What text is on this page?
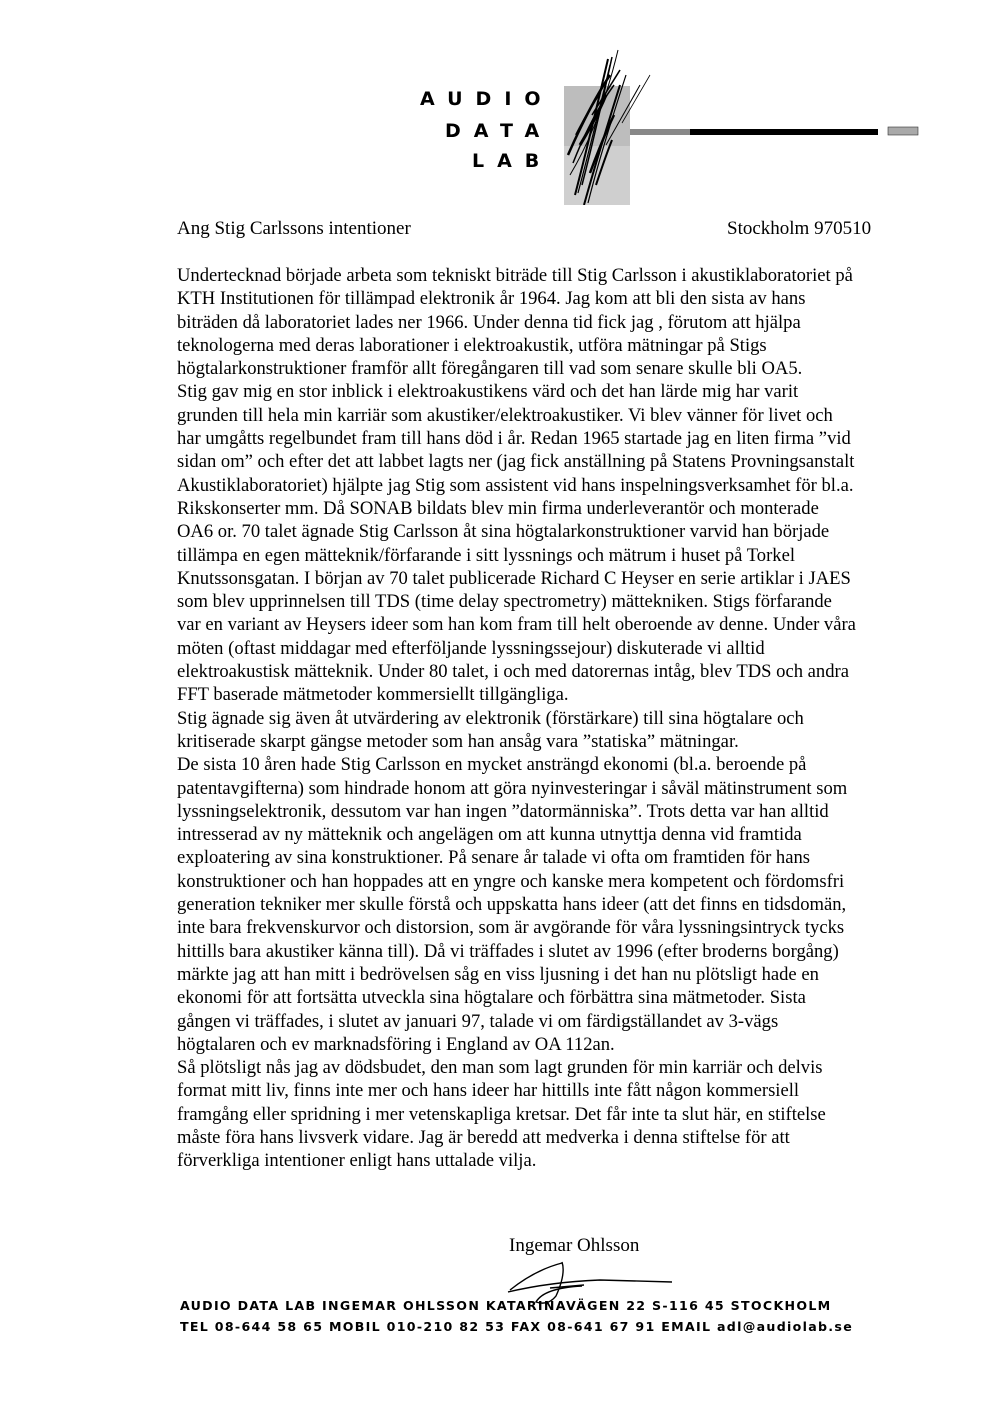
AUDIO
DATA
LAB
Ang Stig Carlssons intentioner	Stockholm 970510

Undertecknad började arbeta som tekniskt biträde till Stig Carlsson i akustiklaboratoriet på

KTH Institutionen för tillämpad elektronik år 1964. Jag kom att bli den sista av hans

biträden då laboratoriet lades ner 1966. Under denna tid fick jag , förutom att hjälpa

teknologerna med deras laborationer i elektroakustik, utföra mätningar på Stigs

högtalarkonstruktioner framför allt föregångaren till vad som senare skulle bli OA5.

Stig gav mig en stor inblick i elektroakustikens värd och det han lärde mig har varit

grunden till hela min karriär som akustiker/elektroakustiker. Vi blev vänner för livet och

har umgåtts regelbundet fram till hans död i år. Redan 1965 startade jag en liten firma ”vid

sidan om” och efter det att labbet lagts ner (jag fick anställning på Statens Provningsanstalt

Akustiklaboratoriet) hjälpte jag Stig som assistent vid hans inspelningsverksamhet för bl.a.

Rikskonserter mm. Då SONAB bildats blev min firma underleverantör och monterade

OA6 or. 70 talet ägnade Stig Carlsson åt sina högtalarkonstruktioner varvid han började

tillämpa en egen mätteknik/förfarande i sitt lyssnings och mätrum i huset på Torkel

Knutssonsgatan. I början av 70 talet publicerade Richard C Heyser en serie artiklar i JAES

som blev upprinnelsen till TDS (time delay spectrometry) mättekniken. Stigs förfarande

var en variant av Heysers ideer som han kom fram till helt oberoende av denne. Under våra

möten (oftast middagar med efterföljande lyssningssejour) diskuterade vi alltid

elektroakustisk mätteknik. Under 80 talet, i och med datorernas intåg, blev TDS och andra

FFT baserade mätmetoder kommersiellt tillgängliga.

Stig ägnade sig även åt utvärdering av elektronik (förstärkare) till sina högtalare och

kritiserade skarpt gängse metoder som han ansåg vara ”statiska” mätningar.

De sista 10 åren hade Stig Carlsson en mycket ansträngd ekonomi (bl.a. beroende på

patentavgifterna) som hindrade honom att göra nyinvesteringar i såväl mätinstrument som

lyssningselektronik, dessutom var han ingen ”datormänniska”. Trots detta var han alltid

intresserad av ny mätteknik och angelägen om att kunna utnyttja denna vid framtida

exploatering av sina konstruktioner. På senare år talade vi ofta om framtiden för hans

konstruktioner och han hoppades att en yngre och kanske mera kompetent och fördomsfri

generation tekniker mer skulle förstå och uppskatta hans ideer (att det finns en tidsdomän,

inte bara frekvenskurvor och distorsion, som är avgörande för våra lyssningsintryck tycks

hittills bara akustiker känna till). Då vi träffades i slutet av 1996 (efter broderns borgång)

märkte jag att han mitt i bedrövelsen såg en viss ljusning i det han nu plötsligt hade en

ekonomi för att fortsätta utveckla sina högtalare och förbättra sina mätmetoder. Sista

gången vi träffades, i slutet av januari 97, talade vi om färdigställandet av 3-vägs

högtalaren och ev marknadsföring i England av OA 112an.

Så plötsligt nås jag av dödsbudet, den man som lagt grunden för min karriär och delvis

format mitt liv, finns inte mer och hans ideer har hittills inte fått någon kommersiell

framgång eller spridning i mer vetenskapliga kretsar. Det får inte ta slut här, en stiftelse

måste föra hans livsverk vidare. Jag är beredd att medverka i denna stiftelse för att

förverkliga intentioner enligt hans uttalade vilja.

Ingemar Ohlsson
AUDIO DATA LAB INGEMAR OHLSSON KATARINAVÄGEN 22 S-116 45 STOCKHOLM
TEL 08-644 58 65 MOBIL 010-210 82 53 FAX 08-641 67 91 EMAIL adl@audiolab.se
